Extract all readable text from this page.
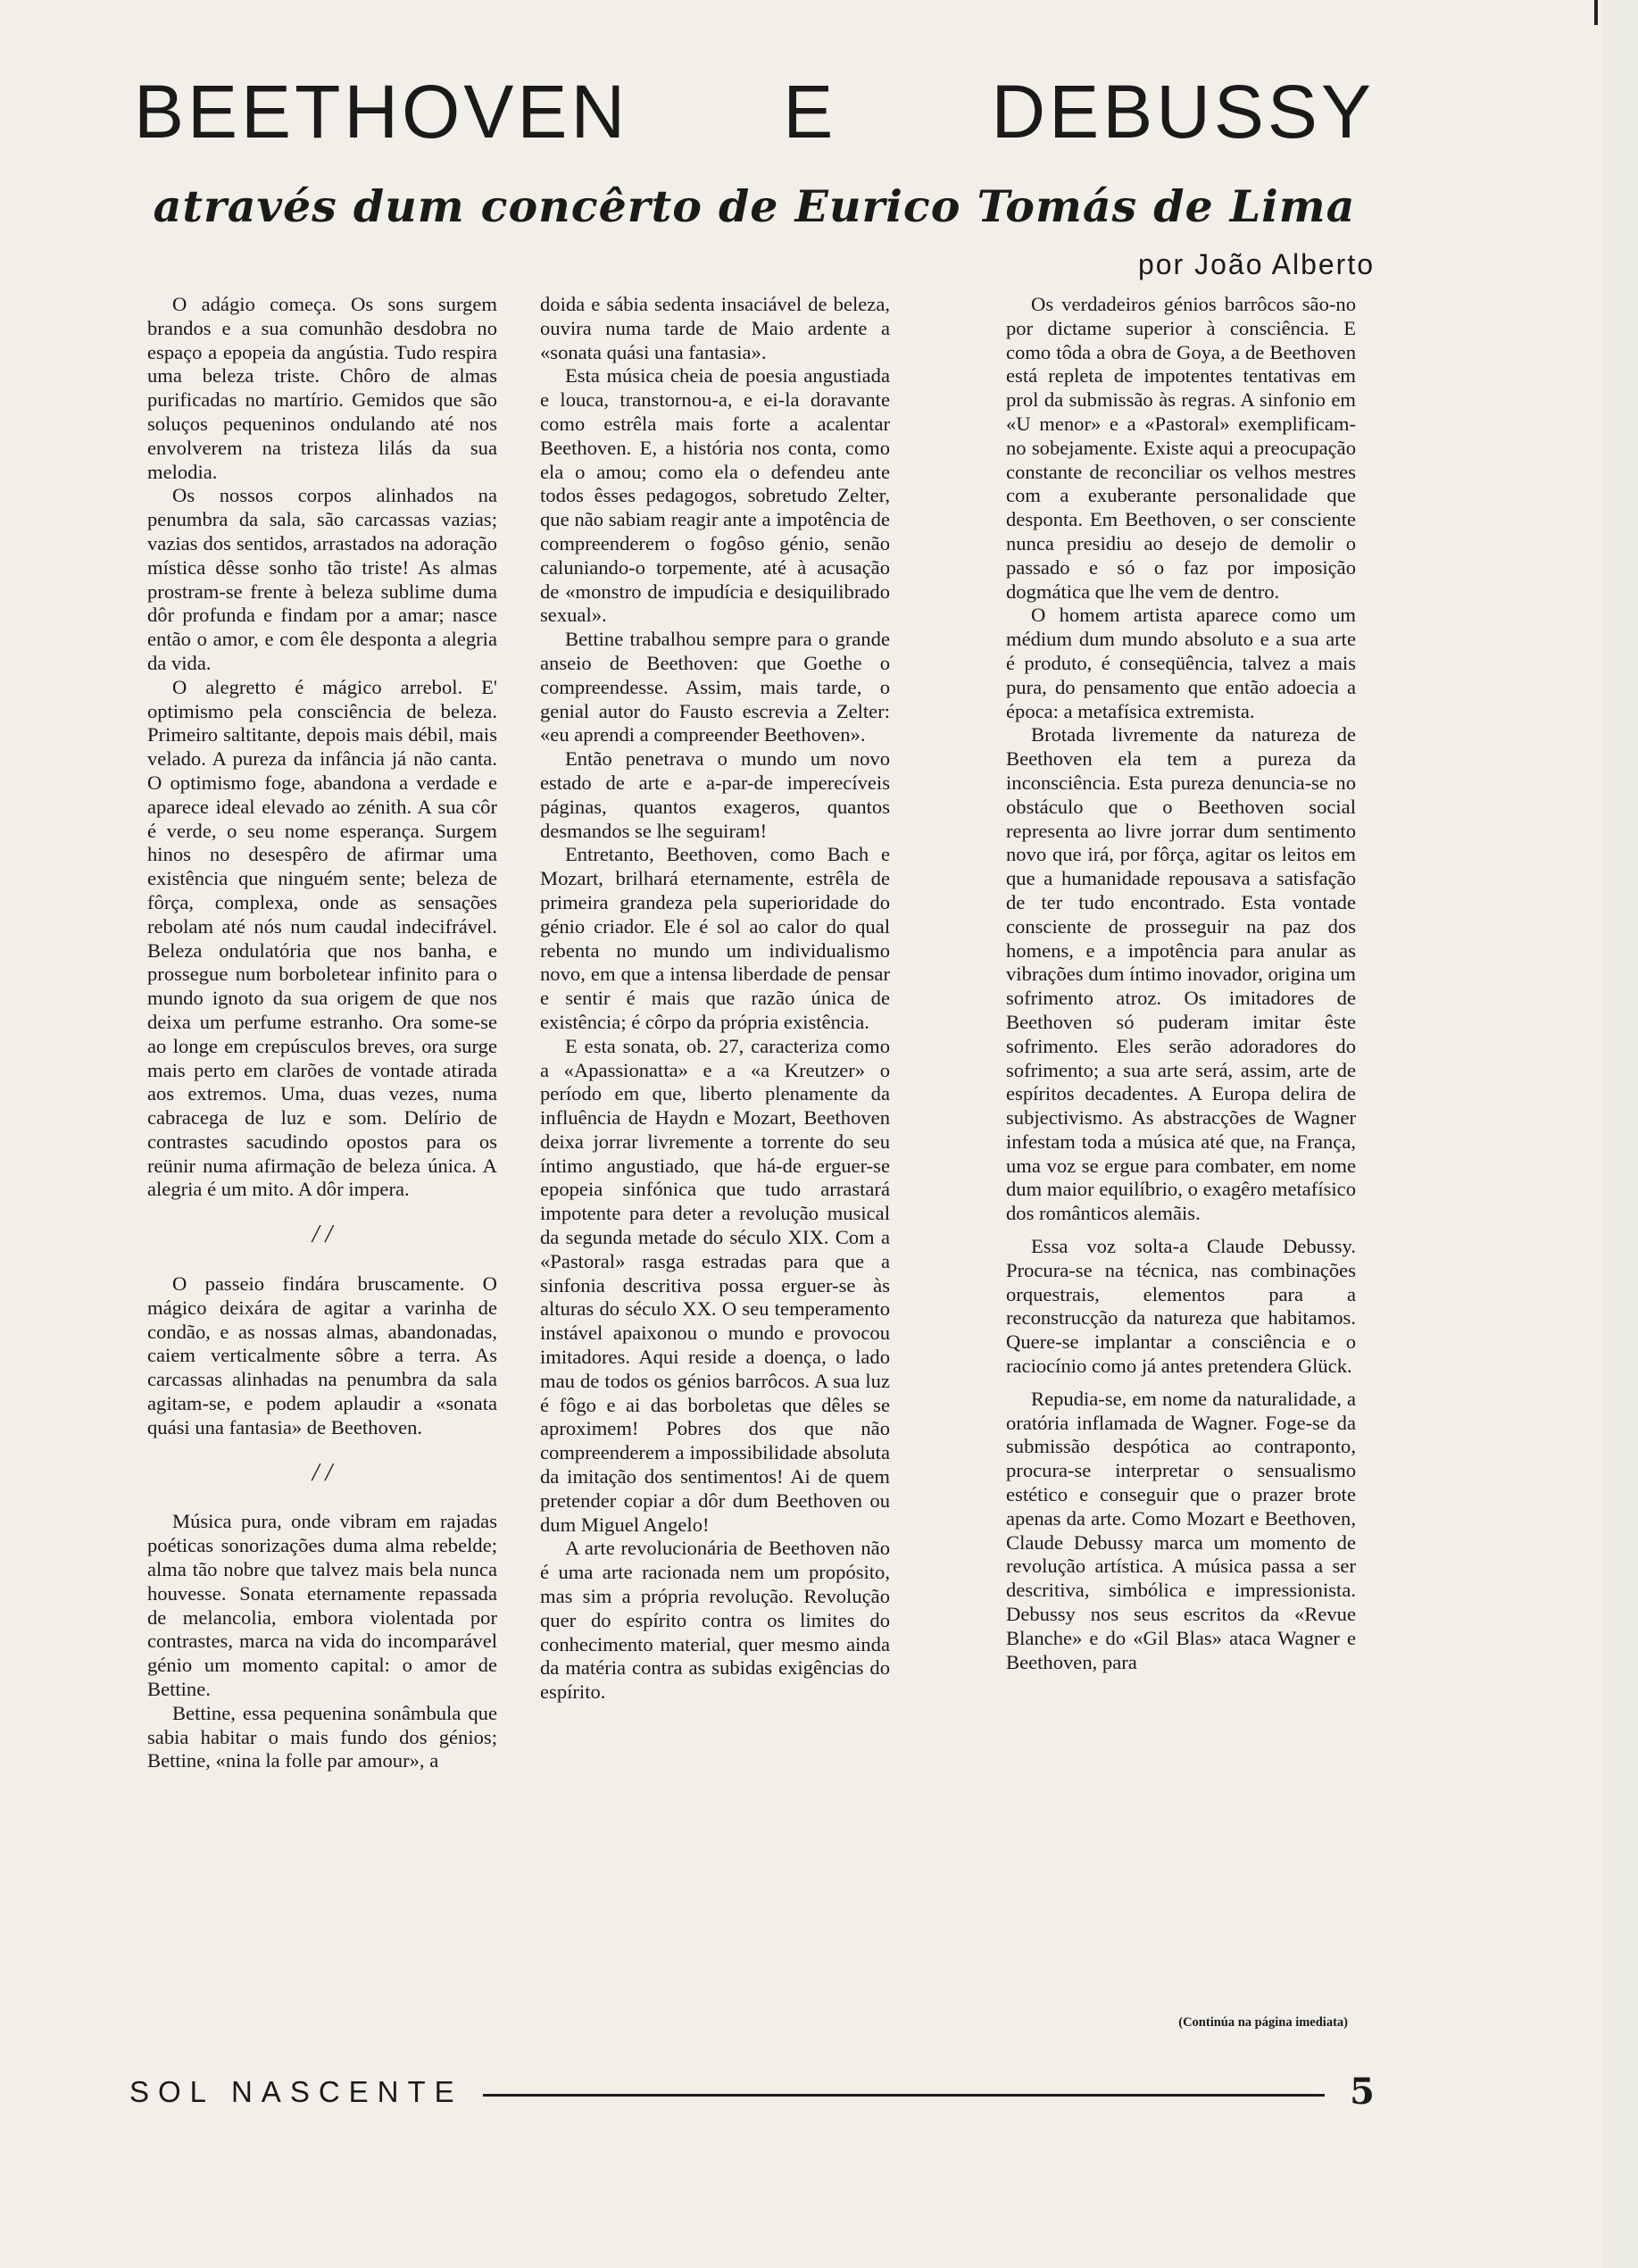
BEETHOVEN E DEBUSSY
através dum concêrto de Eurico Tomás de Lima
por João Alberto

O adágio começa. Os sons surgem brandos e a sua comunhão desdobra no espaço a epopeia da angústia. Tudo respira uma beleza triste. Chôro de almas purificadas no martírio. Gemidos que são soluços pequeninos ondulando até nos envolverem na tristeza lilás da sua melodia.

Os nossos corpos alinhados na penumbra da sala, são carcassas vazias; vazias dos sentidos, arrastados na adoração mística dêsse sonho tão triste! As almas prostram-se frente à beleza sublime duma dôr profunda e findam por a amar; nasce então o amor, e com êle desponta a alegria da vida.

O alegretto é mágico arrebol. E' optimismo pela consciência de beleza. Primeiro saltitante, depois mais débil, mais velado. A pureza da infância já não canta. O optimismo foge, abandona a verdade e aparece ideal elevado ao zénith. A sua côr é verde, o seu nome esperança. Surgem hinos no desespêro de afirmar uma existência que ninguém sente; beleza de fôrça, complexa, onde as sensações rebolam até nós num caudal indecifrável. Beleza ondulatória que nos banha, e prossegue num borboletear infinito para o mundo ignoto da sua origem de que nos deixa um perfume estranho. Ora some-se ao longe em crepúsculos breves, ora surge mais perto em clarões de vontade atirada aos extremos. Uma, duas vezes, numa cabracega de luz e som. Delírio de contrastes sacudindo opostos para os reünir numa afirmação de beleza única. A alegria é um mito. A dôr impera.

/ /

O passeio findára bruscamente. O mágico deixára de agitar a varinha de condão, e as nossas almas, abandonadas, caiem verticalmente sôbre a terra. As carcassas alinhadas na penumbra da sala agitam-se, e podem aplaudir a «sonata quási una fantasia» de Beethoven.

/ /

Música pura, onde vibram em rajadas poéticas sonorizações duma alma rebelde; alma tão nobre que talvez mais bela nunca houvesse. Sonata eternamente repassada de melancolia, embora violentada por contrastes, marca na vida do incomparável génio um momento capital: o amor de Bettine.

Bettine, essa pequenina sonâmbula que sabia habitar o mais fundo dos génios; Bettine, «nina la folle par amour», a

doida e sábia sedenta insaciável de beleza, ouvira numa tarde de Maio ardente a «sonata quási una fantasia».

Esta música cheia de poesia angustiada e louca, transtornou-a, e ei-la doravante como estrêla mais forte a acalentar Beethoven. E, a história nos conta, como ela o amou; como ela o defendeu ante todos êsses pedagogos, sobretudo Zelter, que não sabiam reagir ante a impotência de compreenderem o fogôso génio, senão caluniando-o torpemente, até à acusação de «monstro de impudícia e desiquilibrado sexual».

Bettine trabalhou sempre para o grande anseio de Beethoven: que Goethe o compreendesse. Assim, mais tarde, o genial autor do Fausto escrevia a Zelter: «eu aprendi a compreender Beethoven».

Então penetrava o mundo um novo estado de arte e a-par-de imperecíveis páginas, quantos exageros, quantos desmandos se lhe seguiram!

Entretanto, Beethoven, como Bach e Mozart, brilhará eternamente, estrêla de primeira grandeza pela superioridade do génio criador. Ele é sol ao calor do qual rebenta no mundo um individualismo novo, em que a intensa liberdade de pensar e sentir é mais que razão única de existência; é côrpo da própria existência.

E esta sonata, ob. 27, caracteriza como a «Apassionatta» e a «a Kreutzer» o período em que, liberto plenamente da influência de Haydn e Mozart, Beethoven deixa jorrar livremente a torrente do seu íntimo angustiado, que há-de erguer-se epopeia sinfónica que tudo arrastará impotente para deter a revolução musical da segunda metade do século XIX. Com a «Pastoral» rasga estradas para que a sinfonia descritiva possa erguer-se às alturas do século XX. O seu temperamento instável apaixonou o mundo e provocou imitadores. Aqui reside a doença, o lado mau de todos os génios barrôcos. A sua luz é fôgo e ai das borboletas que dêles se aproximem! Pobres dos que não compreenderem a impossibilidade absoluta da imitação dos sentimentos! Ai de quem pretender copiar a dôr dum Beethoven ou dum Miguel Angelo!

A arte revolucionária de Beethoven não é uma arte racionada nem um propósito, mas sim a própria revolução. Revolução quer do espírito contra os limites do conhecimento material, quer mesmo ainda da matéria contra as subidas exigências do espírito.

Os verdadeiros génios barrôcos são-no por dictame superior à consciência. E como tôda a obra de Goya, a de Beethoven está repleta de impotentes tentativas em prol da submissão às regras. A sinfonio em «U menor» e a «Pastoral» exemplificam-no sobejamente. Existe aqui a preocupação constante de reconciliar os velhos mestres com a exuberante personalidade que desponta. Em Beethoven, o ser consciente nunca presidiu ao desejo de demolir o passado e só o faz por imposição dogmática que lhe vem de dentro.

O homem artista aparece como um médium dum mundo absoluto e a sua arte é produto, é conseqüência, talvez a mais pura, do pensamento que então adoecia a época: a metafísica extremista.

Brotada livremente da natureza de Beethoven ela tem a pureza da inconsciência. Esta pureza denuncia-se no obstáculo que o Beethoven social representa ao livre jorrar dum sentimento novo que irá, por fôrça, agitar os leitos em que a humanidade repousava a satisfação de ter tudo encontrado. Esta vontade consciente de prosseguir na paz dos homens, e a impotência para anular as vibrações dum íntimo inovador, origina um sofrimento atroz. Os imitadores de Beethoven só puderam imitar êste sofrimento. Eles serão adoradores do sofrimento; a sua arte será, assim, arte de espíritos decadentes. A Europa delira de subjectivismo. As abstracções de Wagner infestam toda a música até que, na França, uma voz se ergue para combater, em nome dum maior equilíbrio, o exagêro metafísico dos românticos alemãis.

Essa voz solta-a Claude Debussy. Procura-se na técnica, nas combinações orquestrais, elementos para a reconstrucção da natureza que habitamos. Quere-se implantar a consciência e o raciocínio como já antes pretendera Glück.

Repudia-se, em nome da naturalidade, a oratória inflamada de Wagner. Foge-se da submissão despótica ao contraponto, procura-se interpretar o sensualismo estético e conseguir que o prazer brote apenas da arte. Como Mozart e Beethoven, Claude Debussy marca um momento de revolução artística. A música passa a ser descritiva, simbólica e impressionista. Debussy nos seus escritos da «Revue Blanche» e do «Gil Blas» ataca Wagner e Beethoven, para

(Continúa na página imediata)
SOL NASCENTE	5
